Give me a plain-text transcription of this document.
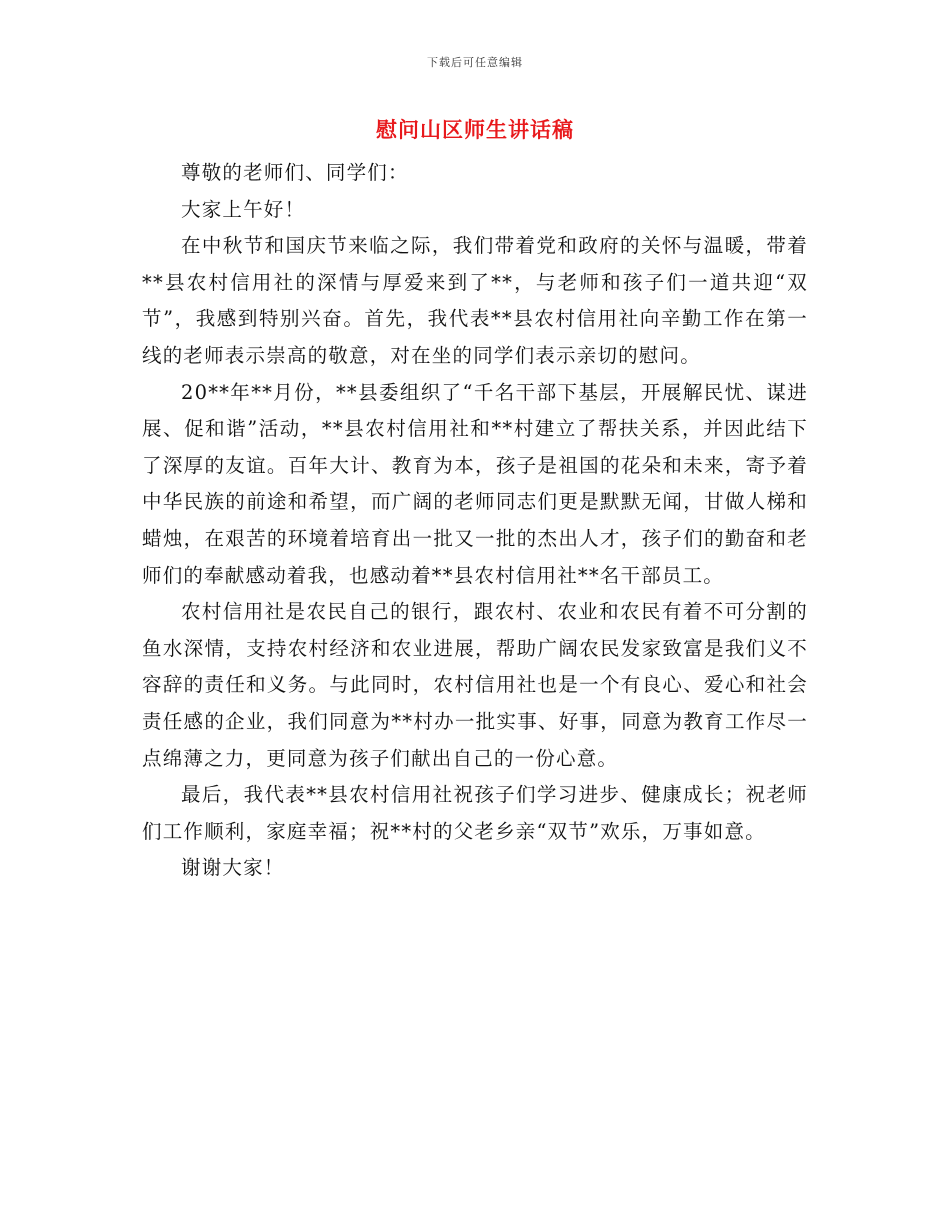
下载后可任意编辑
慰问山区师生讲话稿

尊敬的老师们、同学们：

大家上午好！

在中秋节和国庆节来临之际，我们带着党和政府的关怀与温暖，带着**县农村信用社的深情与厚爱来到了**，与老师和孩子们一道共迎“双节”，我感到特别兴奋。首先，我代表**县农村信用社向辛勤工作在第一线的老师表示崇高的敬意，对在坐的同学们表示亲切的慰问。

20**年**月份，**县委组织了“千名干部下基层，开展解民忧、谋进展、促和谐”活动，**县农村信用社和**村建立了帮扶关系，并因此结下了深厚的友谊。百年大计、教育为本，孩子是祖国的花朵和未来，寄予着中华民族的前途和希望，而广阔的老师同志们更是默默无闻，甘做人梯和蜡烛，在艰苦的环境着培育出一批又一批的杰出人才，孩子们的勤奋和老师们的奉献感动着我，也感动着**县农村信用社**名干部员工。

农村信用社是农民自己的银行，跟农村、农业和农民有着不可分割的鱼水深情，支持农村经济和农业进展，帮助广阔农民发家致富是我们义不容辞的责任和义务。与此同时，农村信用社也是一个有良心、爱心和社会责任感的企业，我们同意为**村办一批实事、好事，同意为教育工作尽一点绵薄之力，更同意为孩子们献出自己的一份心意。

最后，我代表**县农村信用社祝孩子们学习进步、健康成长；祝老师们工作顺利，家庭幸福；祝**村的父老乡亲“双节”欢乐，万事如意。

谢谢大家！
